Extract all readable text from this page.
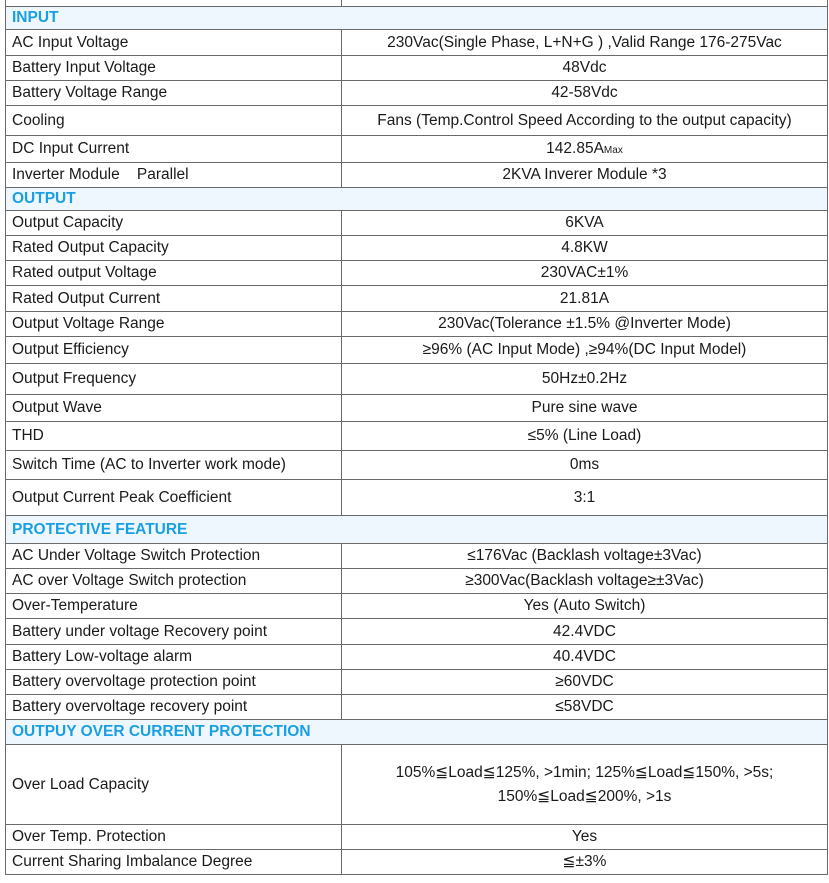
INPUT	
AC Input Voltage	230Vac(Single Phase, L+N+G ) ,Valid Range 176-275Vac
Battery Input Voltage	48Vdc
Battery Voltage Range	42-58Vdc
Cooling	Fans (Temp.Control Speed According to the output capacity)
DC Input Current	142.85AMax
Inverter Module    Parallel	2KVA Inverer Module *3
OUTPUT	
Output Capacity	6KVA
Rated Output Capacity	4.8KW
Rated output Voltage	230VAC±1%
Rated Output Current	21.81A
Output Voltage Range	230Vac(Tolerance ±1.5% @Inverter Mode)
Output Efficiency	≥96% (AC Input Mode) ,≥94%(DC Input Model)
Output Frequency	50Hz±0.2Hz
Output Wave	Pure sine wave
THD	≤5% (Line Load)
Switch Time (AC to Inverter work mode)	0ms
Output Current Peak Coefficient	3:1
PROTECTIVE FEATURE	
AC Under Voltage Switch Protection	≤176Vac (Backlash voltage±3Vac)
AC over Voltage Switch protection	≥300Vac(Backlash voltage≥±3Vac)
Over-Temperature	Yes (Auto Switch)
Battery under voltage Recovery point	42.4VDC
Battery Low-voltage alarm	40.4VDC
Battery overvoltage protection point	≥60VDC
Battery overvoltage recovery point	≤58VDC
OUTPUY OVER CURRENT PROTECTION	
Over Load Capacity	105%≦Load≦125%, >1min; 125%≦Load≦150%, >5s;
150%≦Load≦200%, >1s

Over Temp. Protection	Yes
Current Sharing Imbalance Degree	≦±3%
